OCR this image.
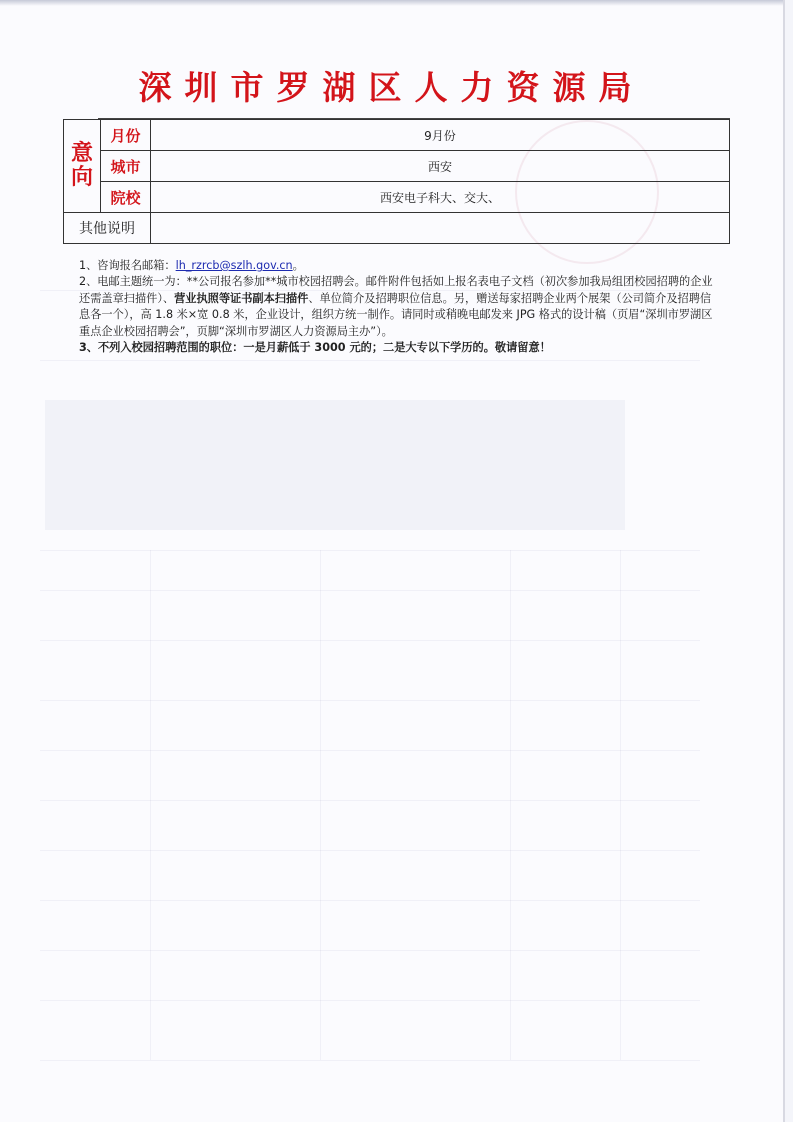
深圳市罗湖区人力资源局
意向	月份	9月份
	城市	西安
	院校	西安电子科大、交大、
其他说明		

1、咨询报名邮箱：lh_rzrcb@szlh.gov.cn。

2、电邮主题统一为：**公司报名参加**城市校园招聘会。邮件附件包括如上报名表电子文档（初次参加我局组团校园招聘的企业还需盖章扫描件）、营业执照等证书副本扫描件、单位简介及招聘职位信息。另，赠送每家招聘企业两个展架（公司简介及招聘信息各一个），高 1.8 米×宽 0.8 米，企业设计，组织方统一制作。请同时或稍晚电邮发来 JPG 格式的设计稿（页眉“深圳市罗湖区重点企业校园招聘会”，页脚“深圳市罗湖区人力资源局主办”）。

3、不列入校园招聘范围的职位：一是月薪低于 3000 元的；二是大专以下学历的。敬请留意！
